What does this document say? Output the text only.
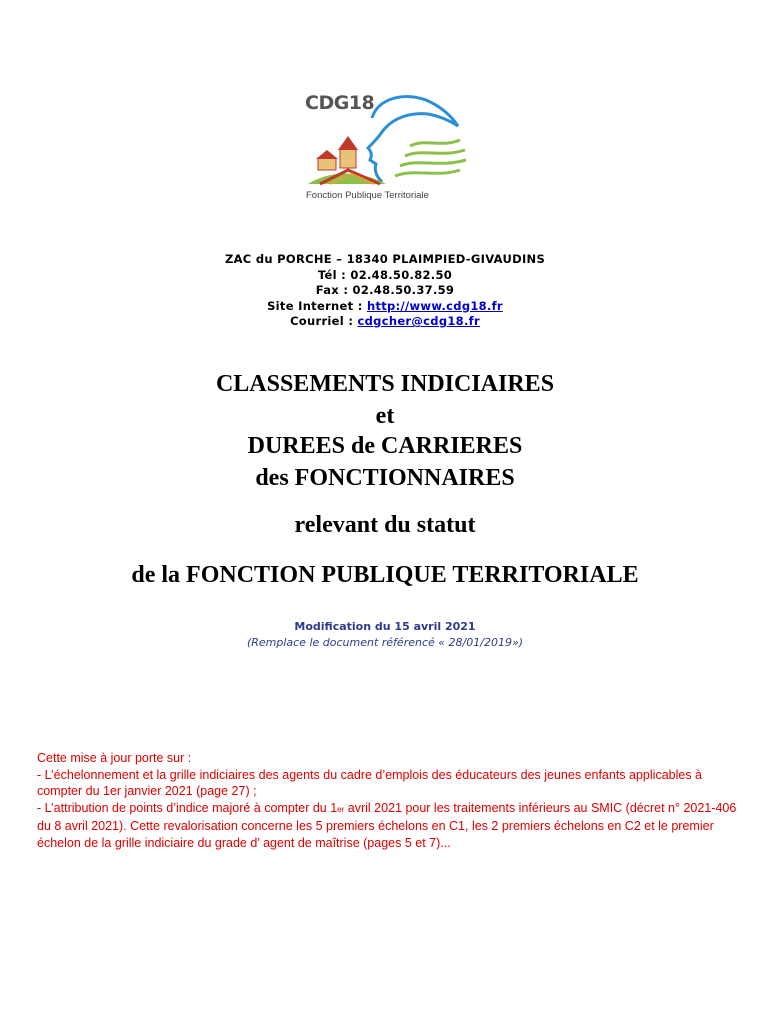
CDG18
Fonction Publique Territoriale
ZAC du PORCHE – 18340 PLAIMPIED-GIVAUDINS
Tél : 02.48.50.82.50
Fax : 02.48.50.37.59
Site Internet : http://www.cdg18.fr
Courriel : cdgcher@cdg18.fr
CLASSEMENTS INDICIAIRES
et
DUREES de CARRIERES
des FONCTIONNAIRES
relevant du statut
de la FONCTION PUBLIQUE TERRITORIALE
Modification du 15 avril 2021
(Remplace le document référencé « 28/01/2019»)

Cette mise à jour porte sur :

- L’échelonnement et la grille indiciaires des agents du cadre d’emplois des éducateurs des jeunes enfants applicables à compter du 1er janvier 2021 (page 27) ;

- L’attribution de points d’indice majoré à compter du 1er avril 2021 pour les traitements inférieurs au SMIC (décret n° 2021-406 du 8 avril 2021). Cette revalorisation concerne les 5 premiers échelons en C1, les 2 premiers échelons en C2 et le premier échelon de la grille indiciaire du grade d’ agent de maîtrise (pages 5 et 7)...
